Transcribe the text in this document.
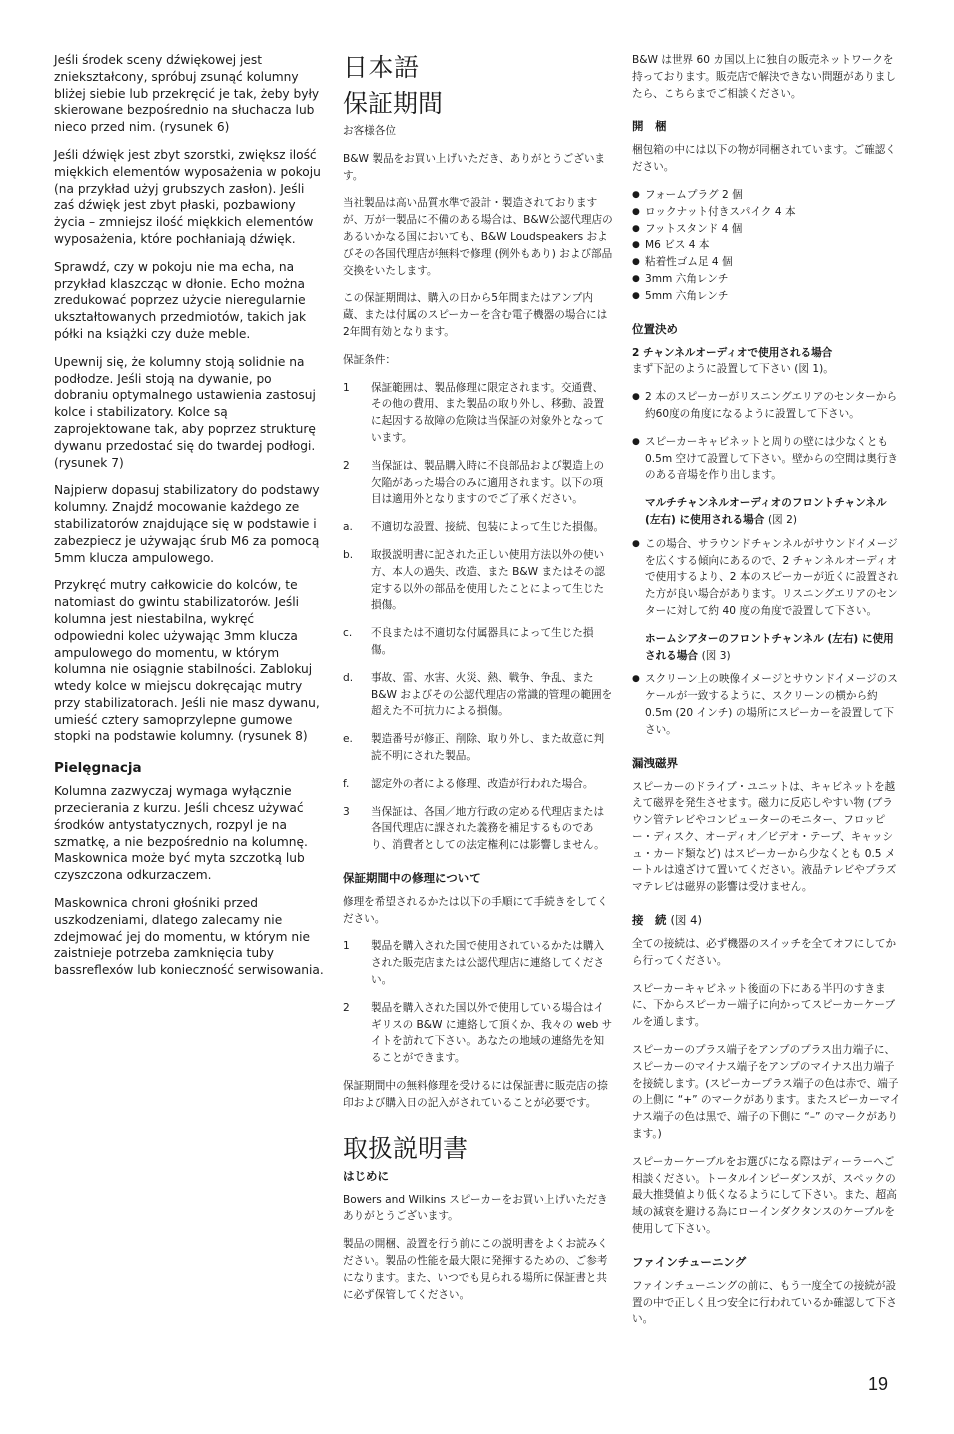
Jeśli środek sceny dźwiękowej jest zniekształcony, spróbuj zsunąć kolumny bliżej siebie lub przekręcić je tak, żeby były skierowane bezpośrednio na słuchacza lub nieco przed nim. (rysunek 6)

Jeśli dźwięk jest zbyt szorstki, zwiększ ilość miękkich elementów wyposażenia w pokoju (na przykład użyj grubszych zasłon). Jeśli zaś dźwięk jest zbyt płaski, pozbawiony życia – zmniejsz ilość miękkich elementów wyposażenia, które pochłaniają dźwięk.

Sprawdź, czy w pokoju nie ma echa, na przykład klaszcząc w dłonie. Echo można zredukować poprzez użycie nieregularnie ukształtowanych przedmiotów, takich jak półki na książki czy duże meble.

Upewnij się, że kolumny stoją solidnie na podłodze. Jeśli stoją na dywanie, po dobraniu optymalnego ustawienia zastosuj kolce i stabilizatory. Kolce są zaprojektowane tak, aby poprzez strukturę dywanu przedostać się do twardej podłogi. (rysunek 7)

Najpierw dopasuj stabilizatory do podstawy kolumny. Znajdź mocowanie każdego ze stabilizatorów znajdujące się w podstawie i zabezpiecz je używając śrub M6 za pomocą 5mm klucza ampulowego.

Przykręć mutry całkowicie do kolców, te natomiast do gwintu stabilizatorów. Jeśli kolumna jest niestabilna, wykręć odpowiedni kolec używając 3mm klucza ampulowego do momentu, w którym kolumna nie osiągnie stabilności. Zablokuj wtedy kolce w miejscu dokręcając mutry przy stabilizatorach. Jeśli nie masz dywanu, umieść cztery samoprzylepne gumowe stopki na podstawie kolumny. (rysunek 8)

Pielęgnacja

Kolumna zazwyczaj wymaga wyłącznie przecierania z kurzu. Jeśli chcesz używać środków antystatycznych, rozpyl je na szmatkę, a nie bezpośrednio na kolumnę. Maskownica może być myta szczotką lub czyszczona odkurzaczem.

Maskownica chroni głośniki przed uszkodzeniami, dlatego zalecamy nie zdejmować jej do momentu, w którym nie zaistnieje potrzeba zamknięcia tuby bassreflexów lub konieczność serwisowania.

日本語
保証期間

お客様各位

B&W 製品をお買い上げいただき、ありがとうございます。

当社製品は高い品質水準で設計・製造されておりますが、万が一製品に不備のある場合は、B&W公認代理店のあるいかなる国においても、B&W Loudspeakers およびその各国代理店が無料で修理 (例外もあり) および部品交換をいたします。

この保証期間は、購入の日から5年間またはアンプ内蔵、または付属のスピーカーを含む電子機器の場合には2年間有効となります。

保証条件：

1	保証範囲は、製品修理に限定されます。交通費、その他の費用、また製品の取り外し、移動、設置に起因する故障の危険は当保証の対象外となっています。
2	当保証は、製品購入時に不良部品および製造上の欠陥があった場合のみに適用されます。以下の項目は適用外となりますのでご了承ください。
a.	不適切な設置、接続、包装によって生じた損傷。
b.	取扱説明書に記された正しい使用方法以外の使い方、本人の過失、改造、また B&W またはその認定する以外の部品を使用したことによって生じた損傷。
c.	不良または不適切な付属器具によって生じた損傷。
d.	事故、雷、水害、火災、熱、戦争、争乱、また B&W およびその公認代理店の常識的管理の範囲を超えた不可抗力による損傷。
e.	製造番号が修正、削除、取り外し、また故意に判読不明にされた製品。
f.	認定外の者による修理、改造が行われた場合。
3	当保証は、各国／地方行政の定める代理店または各国代理店に課された義務を補足するものであり、消費者としての法定権利には影響しません。
保証期間中の修理について

修理を希望されるかたは以下の手順にて手続きをしてください。

1	製品を購入された国で使用されているかたは購入された販売店または公認代理店に連絡してください。
2	製品を購入された国以外で使用している場合はイギリスの B&W に連絡して頂くか、我々の web サイトを訪れて下さい。あなたの地域の連絡先を知ることができます。

保証期間中の無料修理を受けるには保証書に販売店の捺印および購入日の記入がされていることが必要です。

取扱説明書
はじめに

Bowers and Wilkins スピーカーをお買い上げいただきありがとうございます。

製品の開梱、設置を行う前にこの説明書をよくお読みください。製品の性能を最大限に発揮するための、ご参考になります。また、いつでも見られる場所に保証書と共に必ず保管してください。

B&W は世界 60 カ国以上に独自の販売ネットワークを持っております。販売店で解決できない問題がありましたら、こちらまでご相談ください。

開　梱

梱包箱の中には以下の物が同梱されています。ご確認ください。

● フォームプラグ 2 個
● ロックナット付きスパイク 4 本
● フットスタンド 4 個
● M6 ビス 4 本
● 粘着性ゴム足 4 個
● 3mm 六角レンチ
● 5mm 六角レンチ
位置決め
2 チャンネルオーディオで使用される場合

まず下記のように設置して下さい (図 1)。

● 2 本のスピーカーがリスニングエリアのセンターから約60度の角度になるように設置して下さい。
● スピーカーキャビネットと周りの壁には少なくとも 0.5m 空けて設置して下さい。壁からの空間は奥行きのある音場を作り出します。
マルチチャンネルオーディオのフロントチャンネル (左右) に使用される場合 (図 2)
● この場合、サラウンドチャンネルがサウンドイメージを広くする傾向にあるので、2 チャンネルオーディオで使用するより、2 本のスピーカーが近くに設置された方が良い場合があります。リスニングエリアのセンターに対して約 40 度の角度で設置して下さい。
ホームシアターのフロントチャンネル (左右) に使用される場合 (図 3)
● スクリーン上の映像イメージとサウンドイメージのスケールが一致するように、スクリーンの横から約 0.5m (20 インチ) の場所にスピーカーを設置して下さい。
漏洩磁界

スピーカーのドライブ・ユニットは、キャビネットを越えて磁界を発生させます。磁力に反応しやすい物 (ブラウン管テレビやコンピューターのモニター、フロッピー・ディスク、オーディオ／ビデオ・テープ、キャッシュ・カード類など) はスピーカーから少なくとも 0.5 メートルは遠ざけて置いてください。液晶テレビやプラズマテレビは磁界の影響は受けません。

接　続 (図 4)

全ての接続は、必ず機器のスイッチを全てオフにしてから行ってください。

スピーカーキャビネット後面の下にある半円のすきまに、下からスピーカー端子に向かってスピーカーケーブルを通します。

スピーカーのプラス端子をアンプのプラス出力端子に、スピーカーのマイナス端子をアンプのマイナス出力端子を接続します。(スピーカープラス端子の色は赤で、端子の上側に “+” のマークがあります。またスピーカーマイナス端子の色は黒で、端子の下側に “–” のマークがあります。)

スピーカーケーブルをお選びになる際はディーラーへご相談ください。トータルインピーダンスが、スペックの最大推奨値より低くなるようにして下さい。また、超高域の減衰を避ける為にローインダクタンスのケーブルを使用して下さい。

ファインチューニング

ファインチューニングの前に、もう一度全ての接続が設置の中で正しく且つ安全に行われているか確認して下さい。

19
